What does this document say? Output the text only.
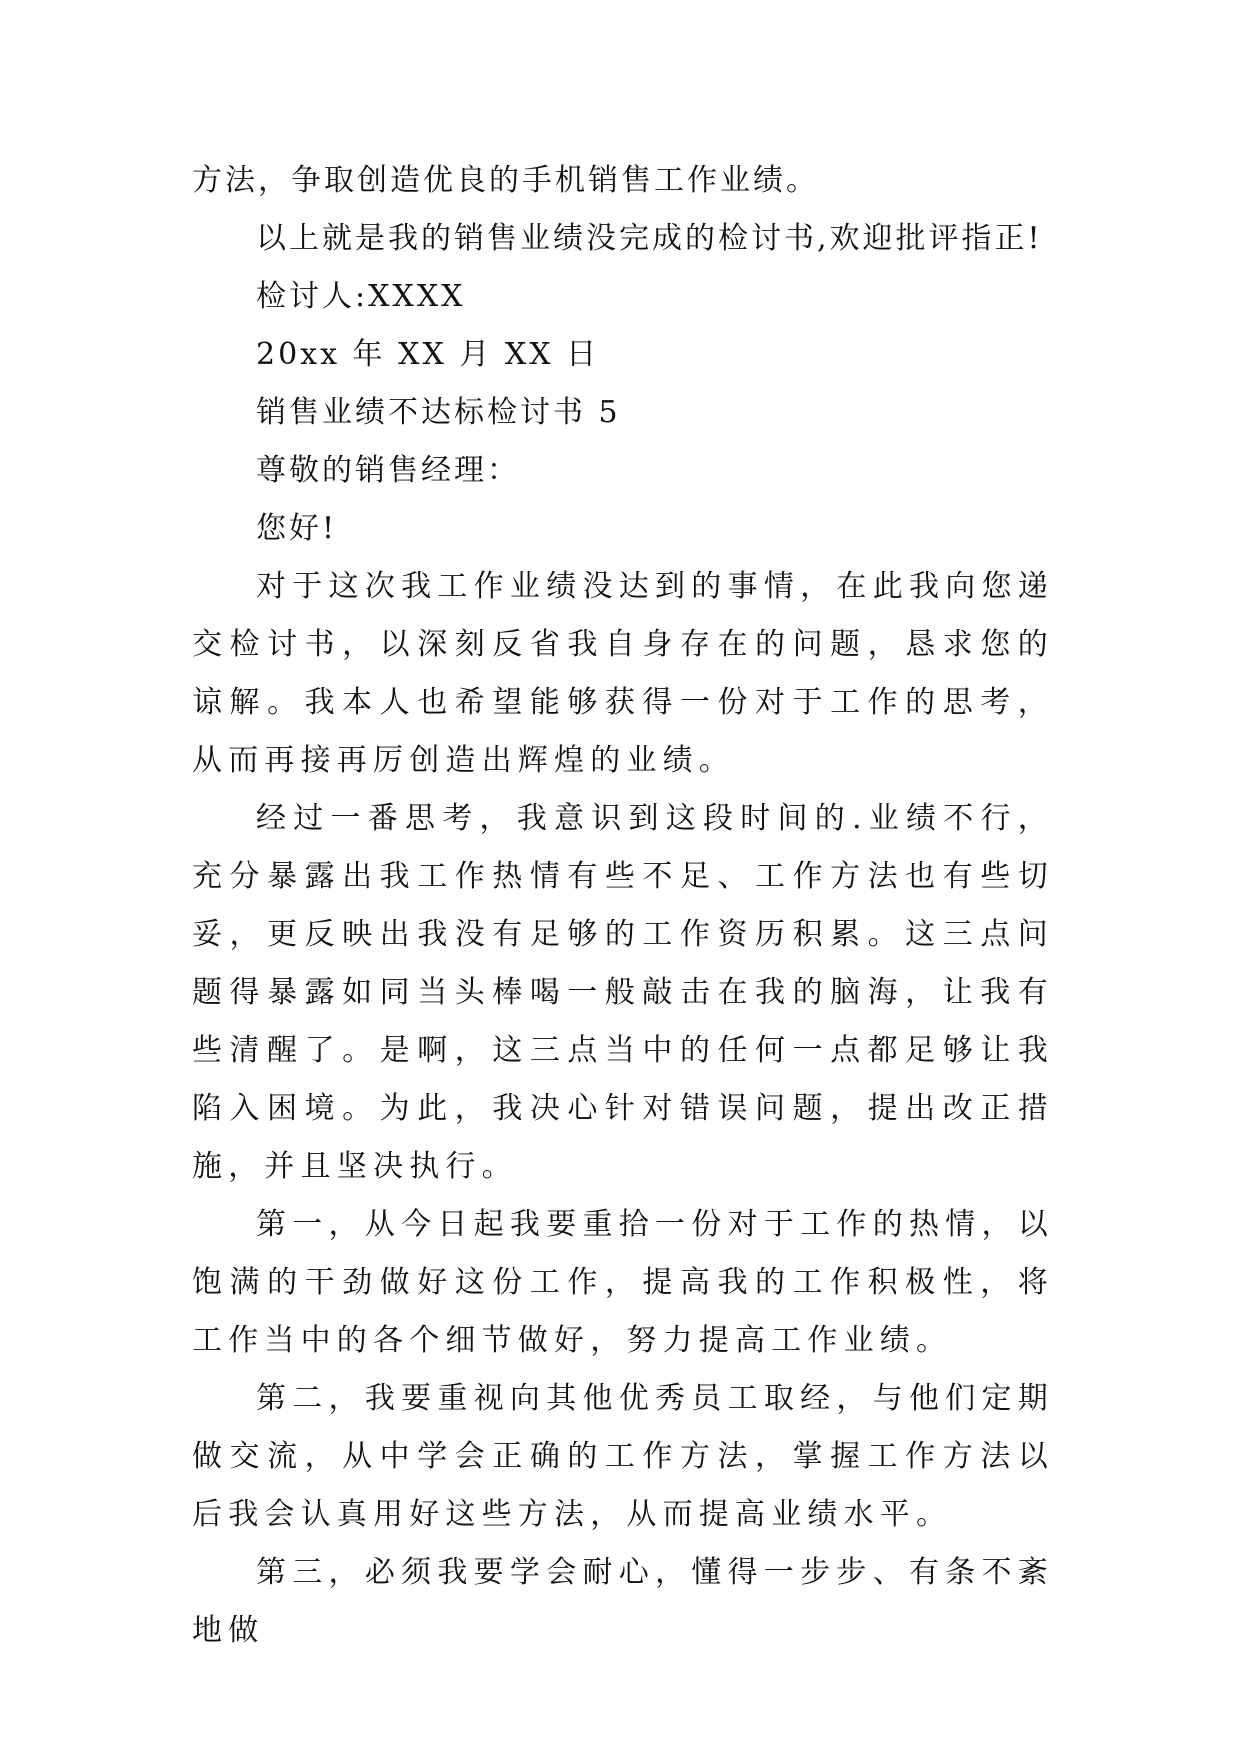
方法，争取创造优良的手机销售工作业绩。
以上就是我的销售业绩没完成的检讨书,欢迎批评指正!
检讨人:XXXX
20xx 年 XX 月 XX 日
销售业绩不达标检讨书 5
尊敬的销售经理：
您好!

对于这次我工作业绩没达到的事情，在此我向您递交检讨书，以深刻反省我自身存在的问题，恳求您的谅解。我本人也希望能够获得一份对于工作的思考，从而再接再厉创造出辉煌的业绩。

经过一番思考，我意识到这段时间的.业绩不行，充分暴露出我工作热情有些不足、工作方法也有些切妥，更反映出我没有足够的工作资历积累。这三点问题得暴露如同当头棒喝一般敲击在我的脑海，让我有些清醒了。是啊，这三点当中的任何一点都足够让我陷入困境。为此，我决心针对错误问题，提出改正措施，并且坚决执行。

第一，从今日起我要重拾一份对于工作的热情，以饱满的干劲做好这份工作，提高我的工作积极性，将工作当中的各个细节做好，努力提高工作业绩。

第二，我要重视向其他优秀员工取经，与他们定期做交流，从中学会正确的工作方法，掌握工作方法以后我会认真用好这些方法，从而提高业绩水平。

第三，必须我要学会耐心，懂得一步步、有条不紊地做
